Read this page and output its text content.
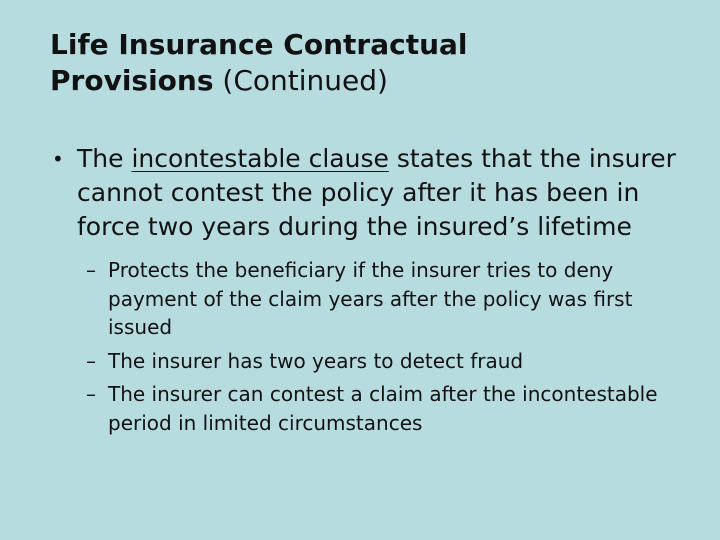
Life Insurance Contractual
Provisions (Continued)

• The incontestable clause states that the insurer cannot contest the policy after it has been in force two years during the insured’s lifetime

– Protects the beneficiary if the insurer tries to deny payment of the claim years after the policy was first issued
– The insurer has two years to detect fraud
– The insurer can contest a claim after the incontestable period in limited circumstances
